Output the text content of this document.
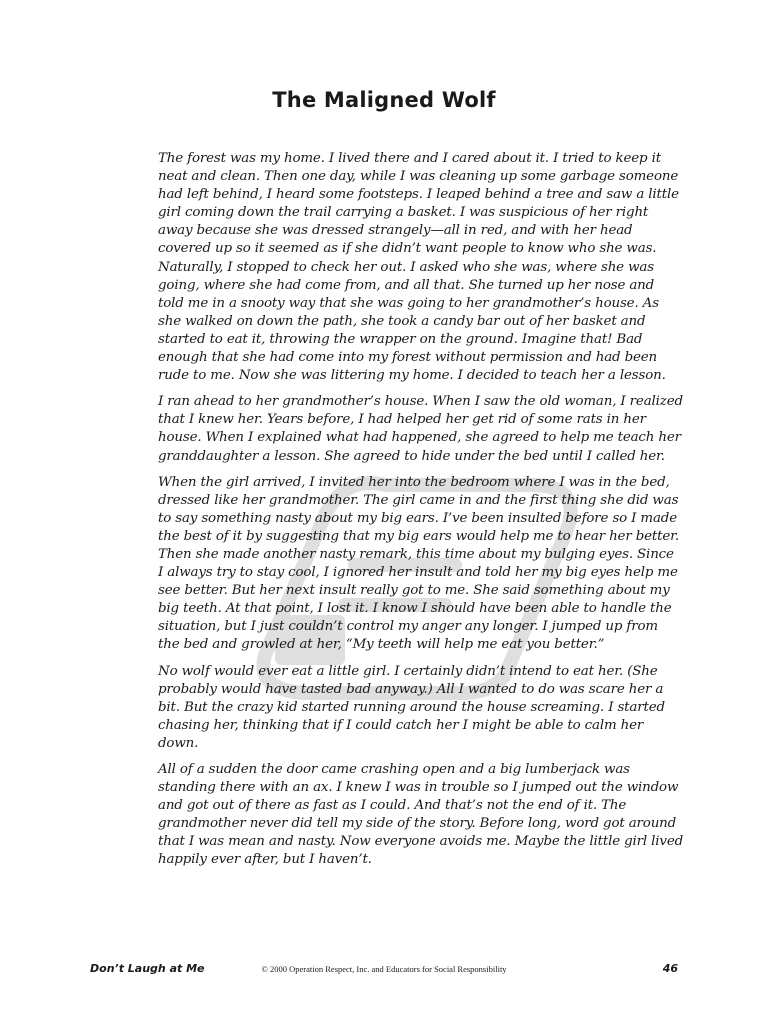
The Maligned Wolf

The forest was my home. I lived there and I cared about it. I tried to keep it neat and clean. Then one day, while I was cleaning up some garbage someone had left behind, I heard some footsteps. I leaped behind a tree and saw a little girl coming down the trail carrying a basket. I was suspicious of her right away because she was dressed strangely—all in red, and with her head covered up so it seemed as if she didn’t want people to know who she was. Naturally, I stopped to check her out. I asked who she was, where she was going, where she had come from, and all that. She turned up her nose and told me in a snooty way that she was going to her grandmother’s house. As she walked on down the path, she took a candy bar out of her basket and started to eat it, throwing the wrapper on the ground. Imagine that! Bad enough that she had come into my forest without permission and had been rude to me. Now she was littering my home. I decided to teach her a lesson.

I ran ahead to her grandmother’s house. When I saw the old woman, I realized that I knew her. Years before, I had helped her get rid of some rats in her house. When I explained what had happened, she agreed to help me teach her granddaughter a lesson. She agreed to hide under the bed until I called her.

When the girl arrived, I invited her into the bedroom where I was in the bed, dressed like her grandmother. The girl came in and the first thing she did was to say something nasty about my big ears. I’ve been insulted before so I made the best of it by suggesting that my big ears would help me to hear her better. Then she made another nasty remark, this time about my bulging eyes. Since I always try to stay cool, I ignored her insult and told her my big eyes help me see better. But her next insult really got to me. She said something about my big teeth. At that point, I lost it. I know I should have been able to handle the situation, but I just couldn’t control my anger any longer. I jumped up from the bed and growled at her, “My teeth will help me eat you better.”

No wolf would ever eat a little girl. I certainly didn’t intend to eat her. (She probably would have tasted bad anyway.) All I wanted to do was scare her a bit. But the crazy kid started running around the house screaming. I started chasing her, thinking that if I could catch her I might be able to calm her down.

All of a sudden the door came crashing open and a big lumberjack was standing there with an ax. I knew I was in trouble so I jumped out the window and got out of there as fast as I could. And that’s not the end of it. The grandmother never did tell my side of the story. Before long, word got around that I was mean and nasty. Now everyone avoids me. Maybe the little girl lived happily ever after, but I haven’t.

Don’t Laugh at Me	© 2000 Operation Respect, Inc. and Educators for Social Responsibility	46
